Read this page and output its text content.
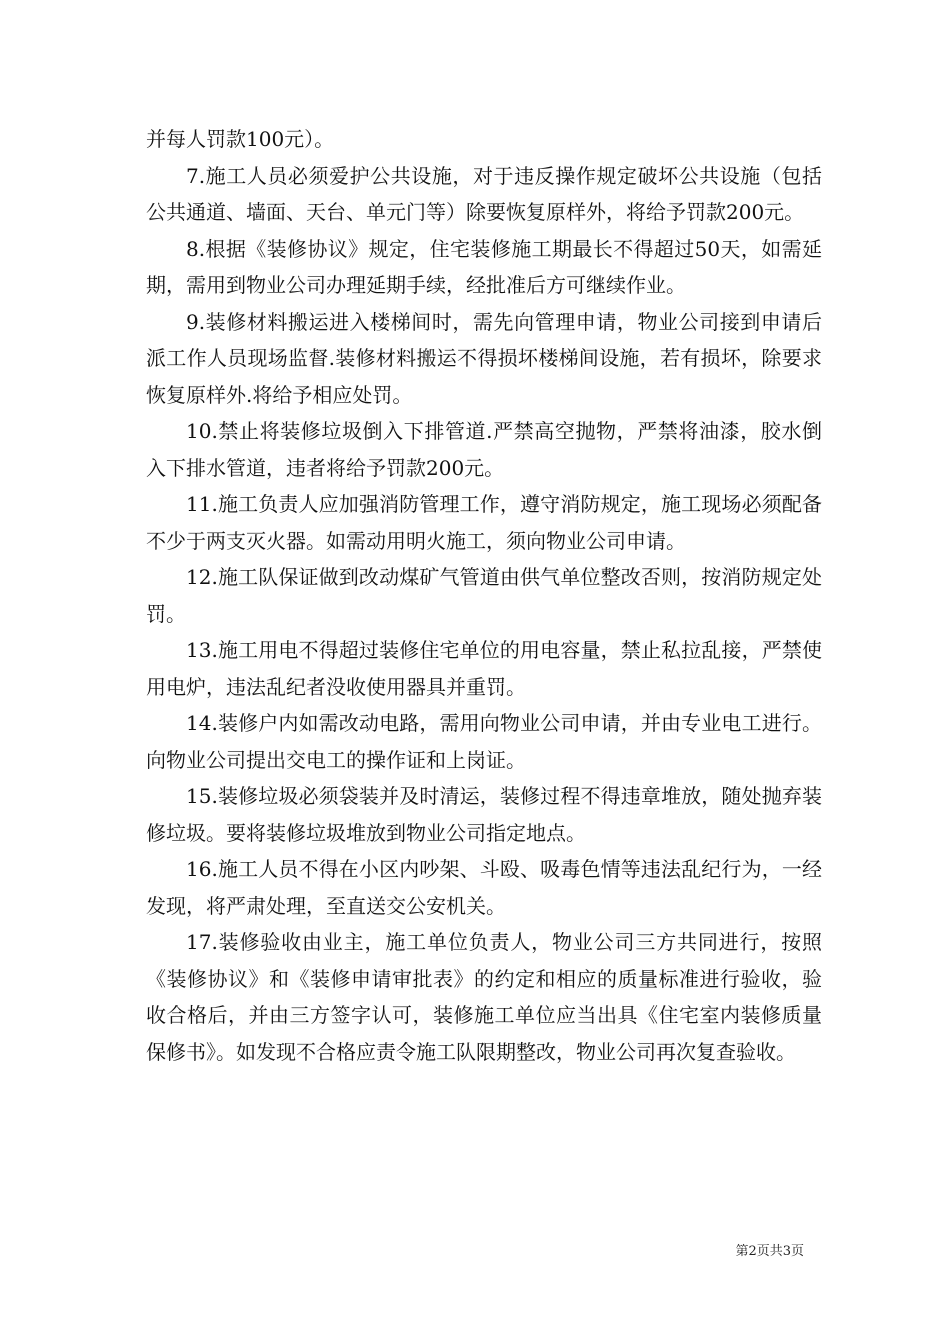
并每人罚款100元）。

7.施工人员必须爱护公共设施，对于违反操作规定破坏公共设施（包括公共通道、墙面、天台、单元门等）除要恢复原样外，将给予罚款200元。

8.根据《装修协议》规定，住宅装修施工期最长不得超过50天，如需延期，需用到物业公司办理延期手续，经批准后方可继续作业。

9.装修材料搬运进入楼梯间时，需先向管理申请，物业公司接到申请后派工作人员现场监督.装修材料搬运不得损坏楼梯间设施，若有损坏，除要求恢复原样外.将给予相应处罚。

10.禁止将装修垃圾倒入下排管道.严禁高空抛物，严禁将油漆，胶水倒入下排水管道，违者将给予罚款200元。

11.施工负责人应加强消防管理工作，遵守消防规定，施工现场必须配备不少于两支灭火器。如需动用明火施工，须向物业公司申请。

12.施工队保证做到改动煤矿气管道由供气单位整改否则，按消防规定处罚。

13.施工用电不得超过装修住宅单位的用电容量，禁止私拉乱接，严禁使用电炉，违法乱纪者没收使用器具并重罚。

14.装修户内如需改动电路，需用向物业公司申请，并由专业电工进行。向物业公司提出交电工的操作证和上岗证。

15.装修垃圾必须袋装并及时清运，装修过程不得违章堆放，随处抛弃装修垃圾。要将装修垃圾堆放到物业公司指定地点。

16.施工人员不得在小区内吵架、斗殴、吸毒色情等违法乱纪行为，一经发现，将严肃处理，至直送交公安机关。

17.装修验收由业主，施工单位负责人，物业公司三方共同进行，按照《装修协议》和《装修申请审批表》的约定和相应的质量标准进行验收，验收合格后，并由三方签字认可，装修施工单位应当出具《住宅室内装修质量保修书》。如发现不合格应责令施工队限期整改，物业公司再次复查验收。

第2页共3页
